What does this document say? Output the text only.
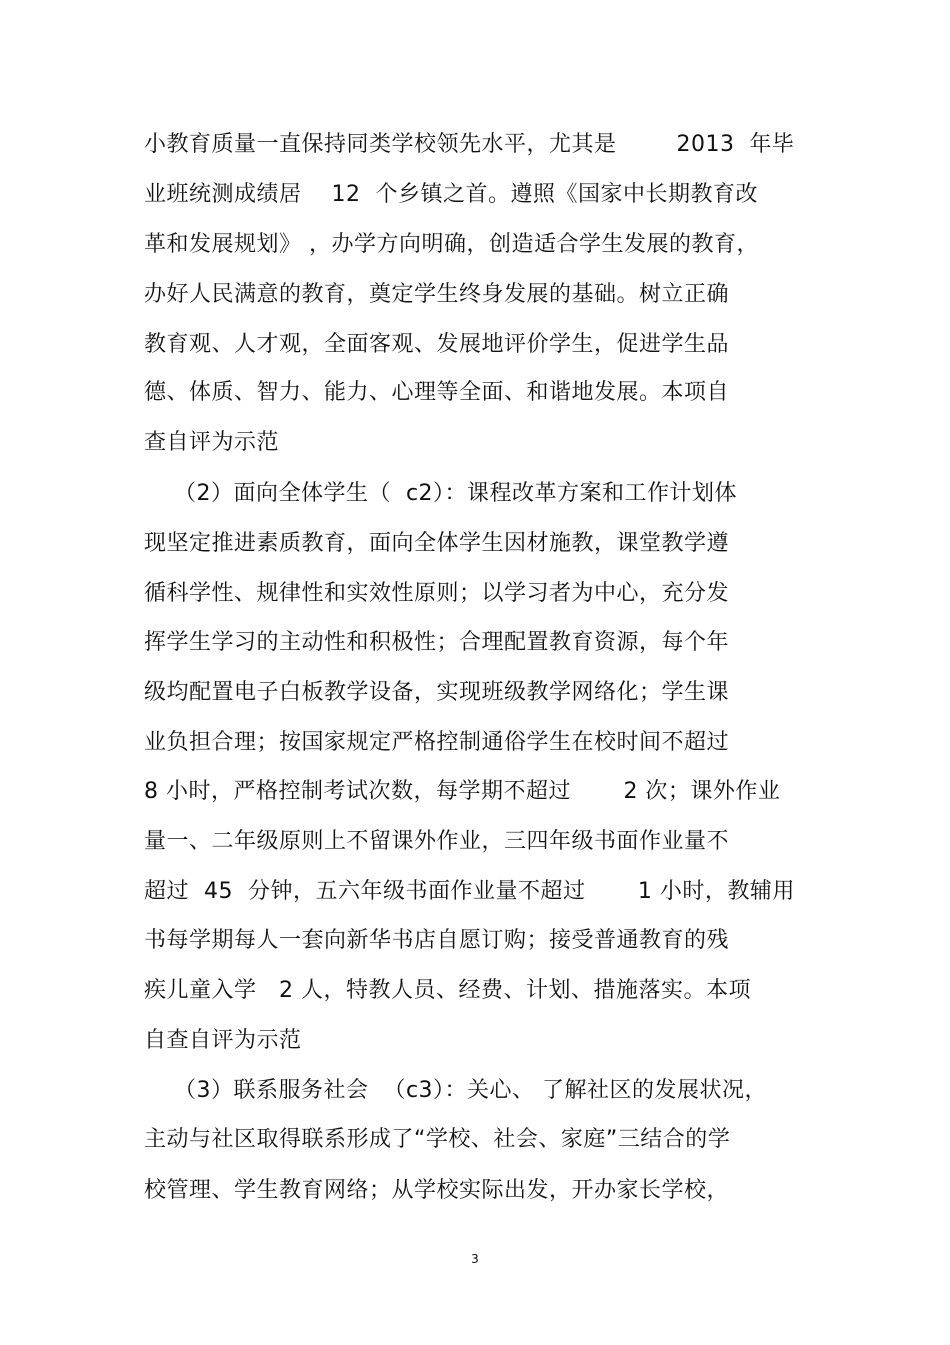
小教育质量一直保持同类学校领先水平，尤其是        2013  年毕
业班统测成绩居    12  个乡镇之首。遵照《国家中长期教育改
革和发展规划》 ，办学方向明确，创造适合学生发展的教育，
办好人民满意的教育，奠定学生终身发展的基础。树立正确
教育观、人才观，全面客观、发展地评价学生，促进学生品
德、体质、智力、能力、心理等全面、和谐地发展。本项自
查自评为示范
（2）面向全体学生（  c2）：课程改革方案和工作计划体
现坚定推进素质教育，面向全体学生因材施教，课堂教学遵
循科学性、规律性和实效性原则；以学习者为中心，充分发
挥学生学习的主动性和积极性；合理配置教育资源，每个年
级均配置电子白板教学设备，实现班级教学网络化；学生课
业负担合理；按国家规定严格控制通俗学生在校时间不超过
8 小时，严格控制考试次数，每学期不超过       2 次；课外作业
量一、二年级原则上不留课外作业，三四年级书面作业量不
超过  45  分钟，五六年级书面作业量不超过       1 小时，教辅用
书每学期每人一套向新华书店自愿订购；接受普通教育的残
疾儿童入学   2 人，特教人员、经费、计划、措施落实。本项
自查自评为示范
（3）联系服务社会  （c3）：关心、 了解社区的发展状况，
主动与社区取得联系形成了“学校、社会、家庭”三结合的学
校管理、学生教育网络；从学校实际出发，开办家长学校，
3
